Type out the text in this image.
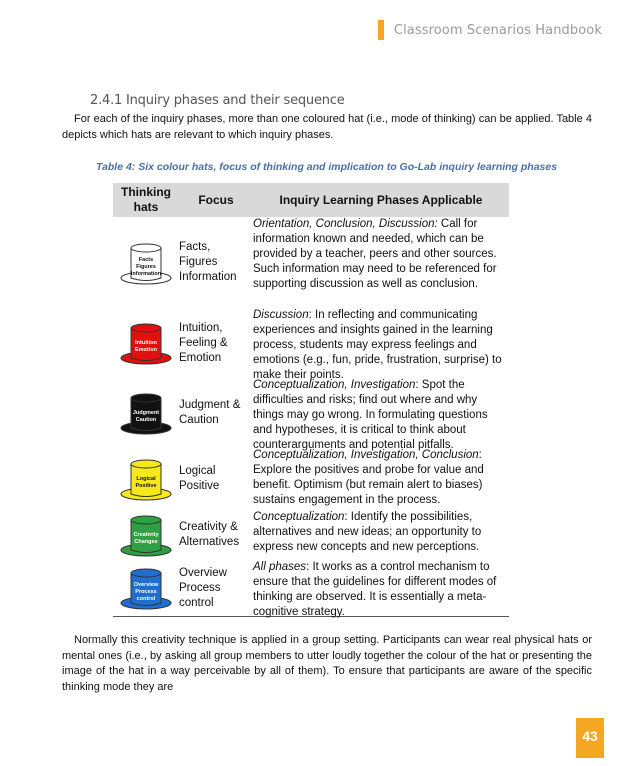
Classroom Scenarios Handbook
2.4.1 Inquiry phases and their sequence
For each of the inquiry phases, more than one coloured hat (i.e., mode of thinking) can be applied. Table 4 depicts which hats are relevant to which inquiry phases.
Table 4: Six colour hats, focus of thinking and implication to Go-Lab inquiry learning phases
Thinking hats	Focus	Inquiry Learning Phases Applicable
Facts
Figures
Information
Facts, Figures Information
Orientation, Conclusion, Discussion: Call for information known and needed, which can be provided by a teacher, peers and other sources. Such information may need to be referenced for supporting discussion as well as conclusion.
Intuition
Emotion
Intuition, Feeling & Emotion
Discussion: In reflecting and communicating experiences and insights gained in the learning process, students may express feelings and emotions (e.g., fun, pride, frustration, surprise) to make their points.
Judgment
Caution
Judgment & Caution
Conceptualization, Investigation: Spot the difficulties and risks; find out where and why things may go wrong. In formulating questions and hypotheses, it is critical to think about counterarguments and potential pitfalls.
Logical
Positive
Logical Positive
Conceptualization, Investigation, Conclusion: Explore the positives and probe for value and benefit. Optimism (but remain alert to biases) sustains engagement in the process.
Creativity
Changes
Creativity & Alternatives
Conceptualization: Identify the possibilities, alternatives and new ideas; an opportunity to express new concepts and new perceptions.
Overview
Process
control
Overview Process control
All phases: It works as a control mechanism to ensure that the guidelines for different modes of thinking are observed. It is essentially a meta-cognitive strategy.
Normally this creativity technique is applied in a group setting. Participants can wear real physical hats or mental ones (i.e., by asking all group members to utter loudly together the colour of the hat or presenting the image of the hat in a way perceivable by all of them). To ensure that participants are aware of the specific thinking mode they are
43
